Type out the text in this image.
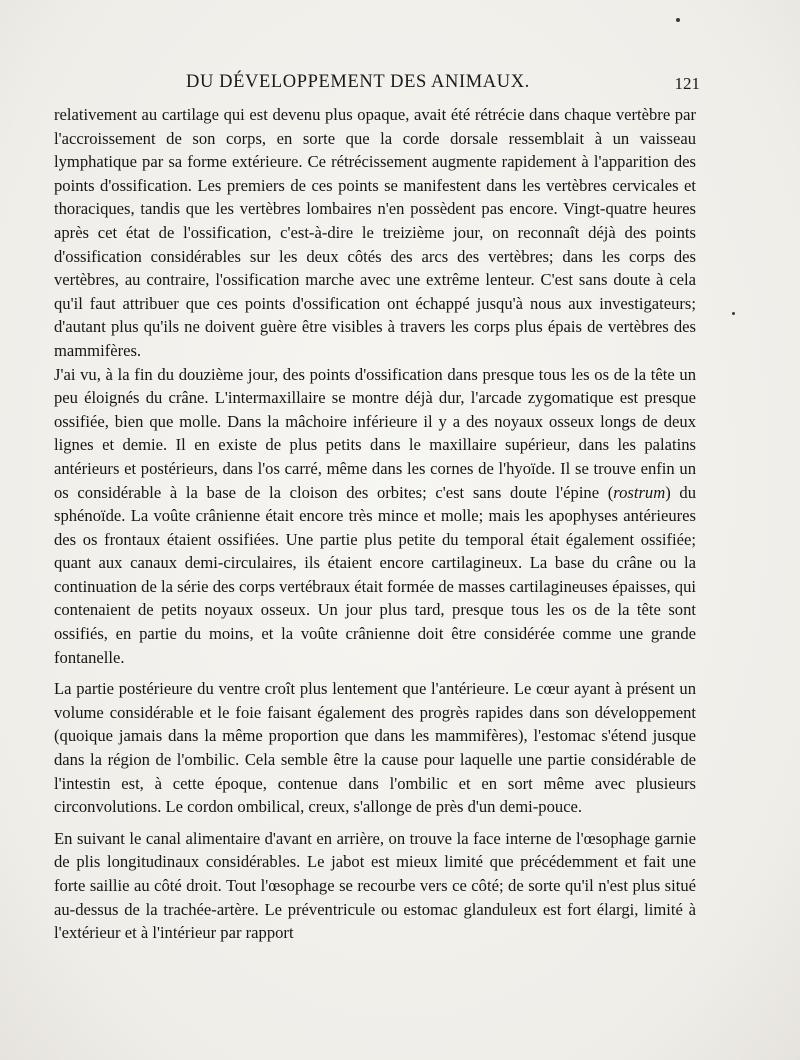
DU DÉVELOPPEMENT DES ANIMAUX.	121

relativement au cartilage qui est devenu plus opaque, avait été rétrécie dans chaque vertèbre par l'accroissement de son corps, en sorte que la corde dorsale ressemblait à un vaisseau lymphatique par sa forme extérieure. Ce rétrécissement augmente rapidement à l'apparition des points d'ossification. Les premiers de ces points se manifestent dans les vertèbres cervicales et thoraciques, tandis que les vertèbres lombaires n'en possèdent pas encore. Vingt-quatre heures après cet état de l'ossification, c'est-à-dire le treizième jour, on reconnaît déjà des points d'ossification considérables sur les deux côtés des arcs des vertèbres; dans les corps des vertèbres, au contraire, l'ossification marche avec une extrême lenteur. C'est sans doute à cela qu'il faut attribuer que ces points d'ossification ont échappé jusqu'à nous aux investigateurs; d'autant plus qu'ils ne doivent guère être visibles à travers les corps plus épais de vertèbres des mammifères.

J'ai vu, à la fin du douzième jour, des points d'ossification dans presque tous les os de la tête un peu éloignés du crâne. L'intermaxillaire se montre déjà dur, l'arcade zygomatique est presque ossifiée, bien que molle. Dans la mâchoire inférieure il y a des noyaux osseux longs de deux lignes et demie. Il en existe de plus petits dans le maxillaire supérieur, dans les palatins antérieurs et postérieurs, dans l'os carré, même dans les cornes de l'hyoïde. Il se trouve enfin un os considérable à la base de la cloison des orbites; c'est sans doute l'épine (rostrum) du sphénoïde. La voûte crânienne était encore très mince et molle; mais les apophyses antérieures des os frontaux étaient ossifiées. Une partie plus petite du temporal était également ossifiée; quant aux canaux demi-circulaires, ils étaient encore cartilagineux. La base du crâne ou la continuation de la série des corps vertébraux était formée de masses cartilagineuses épaisses, qui contenaient de petits noyaux osseux. Un jour plus tard, presque tous les os de la tête sont ossifiés, en partie du moins, et la voûte crânienne doit être considérée comme une grande fontanelle.

La partie postérieure du ventre croît plus lentement que l'antérieure. Le cœur ayant à présent un volume considérable et le foie faisant également des progrès rapides dans son développement (quoique jamais dans la même proportion que dans les mammifères), l'estomac s'étend jusque dans la région de l'ombilic. Cela semble être la cause pour laquelle une partie considérable de l'intestin est, à cette époque, contenue dans l'ombilic et en sort même avec plusieurs circonvolutions. Le cordon ombilical, creux, s'allonge de près d'un demi-pouce.

En suivant le canal alimentaire d'avant en arrière, on trouve la face interne de l'œsophage garnie de plis longitudinaux considérables. Le jabot est mieux limité que précédemment et fait une forte saillie au côté droit. Tout l'œsophage se recourbe vers ce côté; de sorte qu'il n'est plus situé au-dessus de la trachée-artère. Le préventricule ou estomac glanduleux est fort élargi, limité à l'extérieur et à l'intérieur par rapport
